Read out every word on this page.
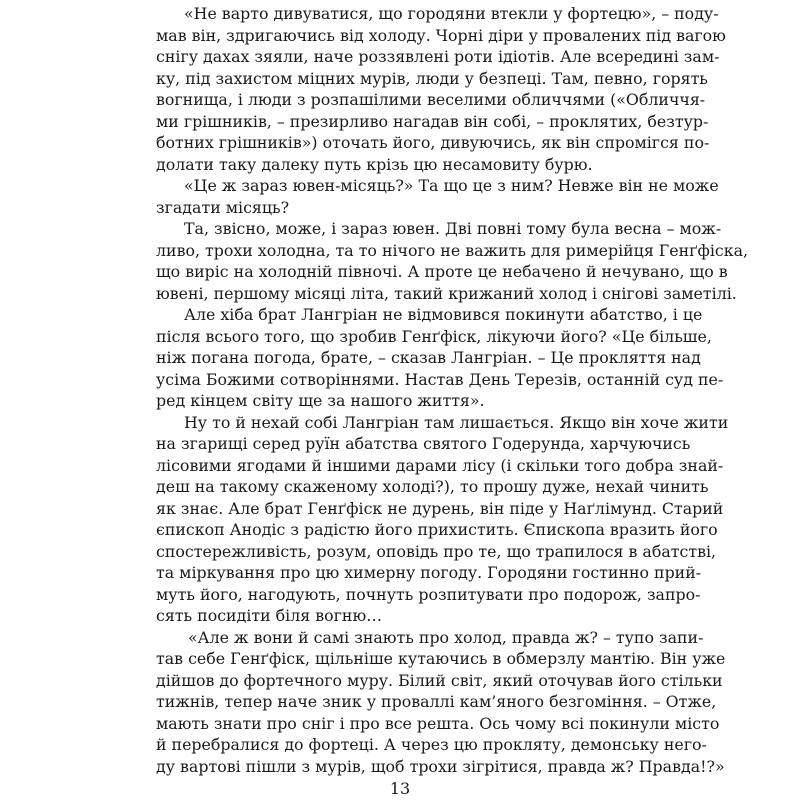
«Не варто дивуватися, що городяни втекли у фортецю», – поду-
мав він, здригаючись від холоду. Чорні діри у провалених під вагою
снігу дахах зяяли, наче роззявлені роти ідіотів. Але всередині зам-
ку, під захистом міцних мурів, люди у безпеці. Там, певно, горять
вогнища, і люди з розпашілими веселими обличчями («Обличчя-
ми грішників, – презирливо нагадав він собі, – проклятих, безтур-
ботних грішників») оточать його, дивуючись, як він спромігся по-
долати таку далеку путь крізь цю несамовиту бурю.
«Це ж зараз ювен-місяць?» Та що це з ним? Невже він не може
згадати місяць?
Та, звісно, може, і зараз ювен. Дві повні тому була весна – мож-
ливо, трохи холодна, та то нічого не важить для римерійця Генґфіска,
що виріс на холодній півночі. А проте це небачено й нечувано, що в
ювені, першому місяці літа, такий крижаний холод і снігові заметілі.
Але хіба брат Лангріан не відмовився покинути абатство, і це
після всього того, що зробив Генґфіск, лікуючи його? «Це більше,
ніж погана погода, брате, – сказав Лангріан. – Це прокляття над
усіма Божими сотворіннями. Настав День Терезів, останній суд пе-
ред кінцем світу ще за нашого життя».
Ну то й нехай собі Лангріан там лишається. Якщо він хоче жити
на згарищі серед руїн абатства святого Годерунда, харчуючись
лісовими ягодами й іншими дарами лісу (і скільки того добра знай-
деш на такому скаженому холоді?), то прошу дуже, нехай чинить
як знає. Але брат Генґфіск не дурень, він піде у Наґлімунд. Старий
єпископ Анодіс з радістю його прихистить. Єпископа вразить його
спостережливість, розум, оповідь про те, що трапилося в абатстві,
та міркування про цю химерну погоду. Городяни гостинно прий-
муть його, нагодують, почнуть розпитувати про подорож, запро-
сять посидіти біля вогню…
«Але ж вони й самі знають про холод, правда ж? – тупо запи-
тав себе Генґфіск, щільніше кутаючись в обмерзлу мантію. Він уже
дійшов до фортечного муру. Білий світ, який оточував його стільки
тижнів, тепер наче зник у проваллі кам’яного безгоміння. – Отже,
мають знати про сніг і про все решта. Ось чому всі покинули місто
й перебралися до фортеці. А через цю прокляту, демонську него-
ду вартові пішли з мурів, щоб трохи зігрітися, правда ж? Правда!?»
13
